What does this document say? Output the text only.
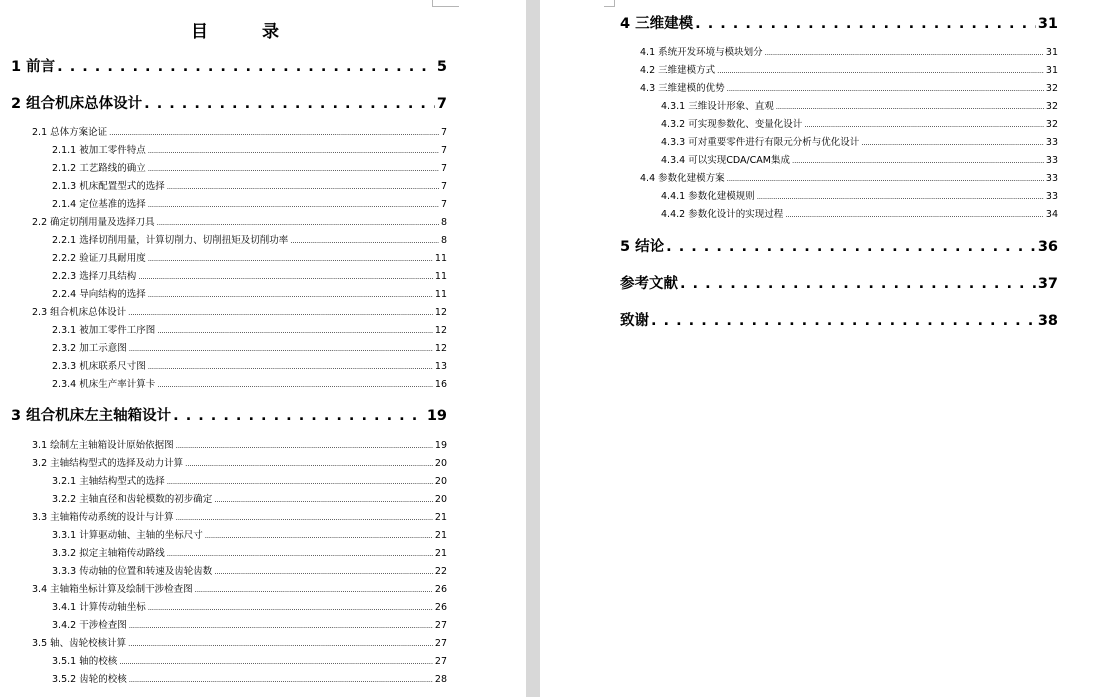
目 录
1 前言 . . .	5
2 组合机床总体设计 . . .	7
2.1 总体方案论证 . . .	7
2.1.1 被加工零件特点 . . .	7
2.1.2 工艺路线的确立 . . .	7
2.1.3 机床配置型式的选择 . . .	7
2.1.4 定位基准的选择 . . .	7
2.2 确定切削用量及选择刀具 . . .	8
2.2.1 选择切削用量，计算切削力、切削扭矩及切削功率 . . .	8
2.2.2 验证刀具耐用度 . . .	11
2.2.3 选择刀具结构 . . .	11
2.2.4 导向结构的选择 . . .	11
2.3 组合机床总体设计 . . .	12
2.3.1 被加工零件工序图 . . .	12
2.3.2 加工示意图 . . .	12
2.3.3 机床联系尺寸图 . . .	13
2.3.4 机床生产率计算卡 . . .	16
3 组合机床左主轴箱设计 . . .	19
3.1 绘制左主轴箱设计原始依据图 . . .	19
3.2 主轴结构型式的选择及动力计算 . . .	20
3.2.1 主轴结构型式的选择 . . .	20
3.2.2 主轴直径和齿轮模数的初步确定 . . .	20
3.3 主轴箱传动系统的设计与计算 . . .	21
3.3.1 计算驱动轴、主轴的坐标尺寸 . . .	21
3.3.2 拟定主轴箱传动路线 . . .	21
3.3.3 传动轴的位置和转速及齿轮齿数 . . .	22
3.4 主轴箱坐标计算及绘制干涉检查图 . . .	26
3.4.1 计算传动轴坐标 . . .	26
3.4.2 干涉检查图 . . .	27
3.5 轴、齿轮校核计算 . . .	27
3.5.1 轴的校核 . . .	27
3.5.2 齿轮的校核 . . .	28
4 三维建模 . . .	31
4.1 系统开发环境与模块划分 . . .	31
4.2 三维建模方式 . . .	31
4.3 三维建模的优势 . . .	32
4.3.1 三维设计形象、直观 . . .	32
4.3.2 可实现参数化、变量化设计 . . .	32
4.3.3 可对重要零件进行有限元分析与优化设计 . . .	33
4.3.4 可以实现CDA/CAM集成 . . .	33
4.4 参数化建模方案 . . .	33
4.4.1 参数化建模规则 . . .	33
4.4.2 参数化设计的实现过程 . . .	34
5 结论 . . .	36
参考文献 . . .	37
致谢 . . .	38
